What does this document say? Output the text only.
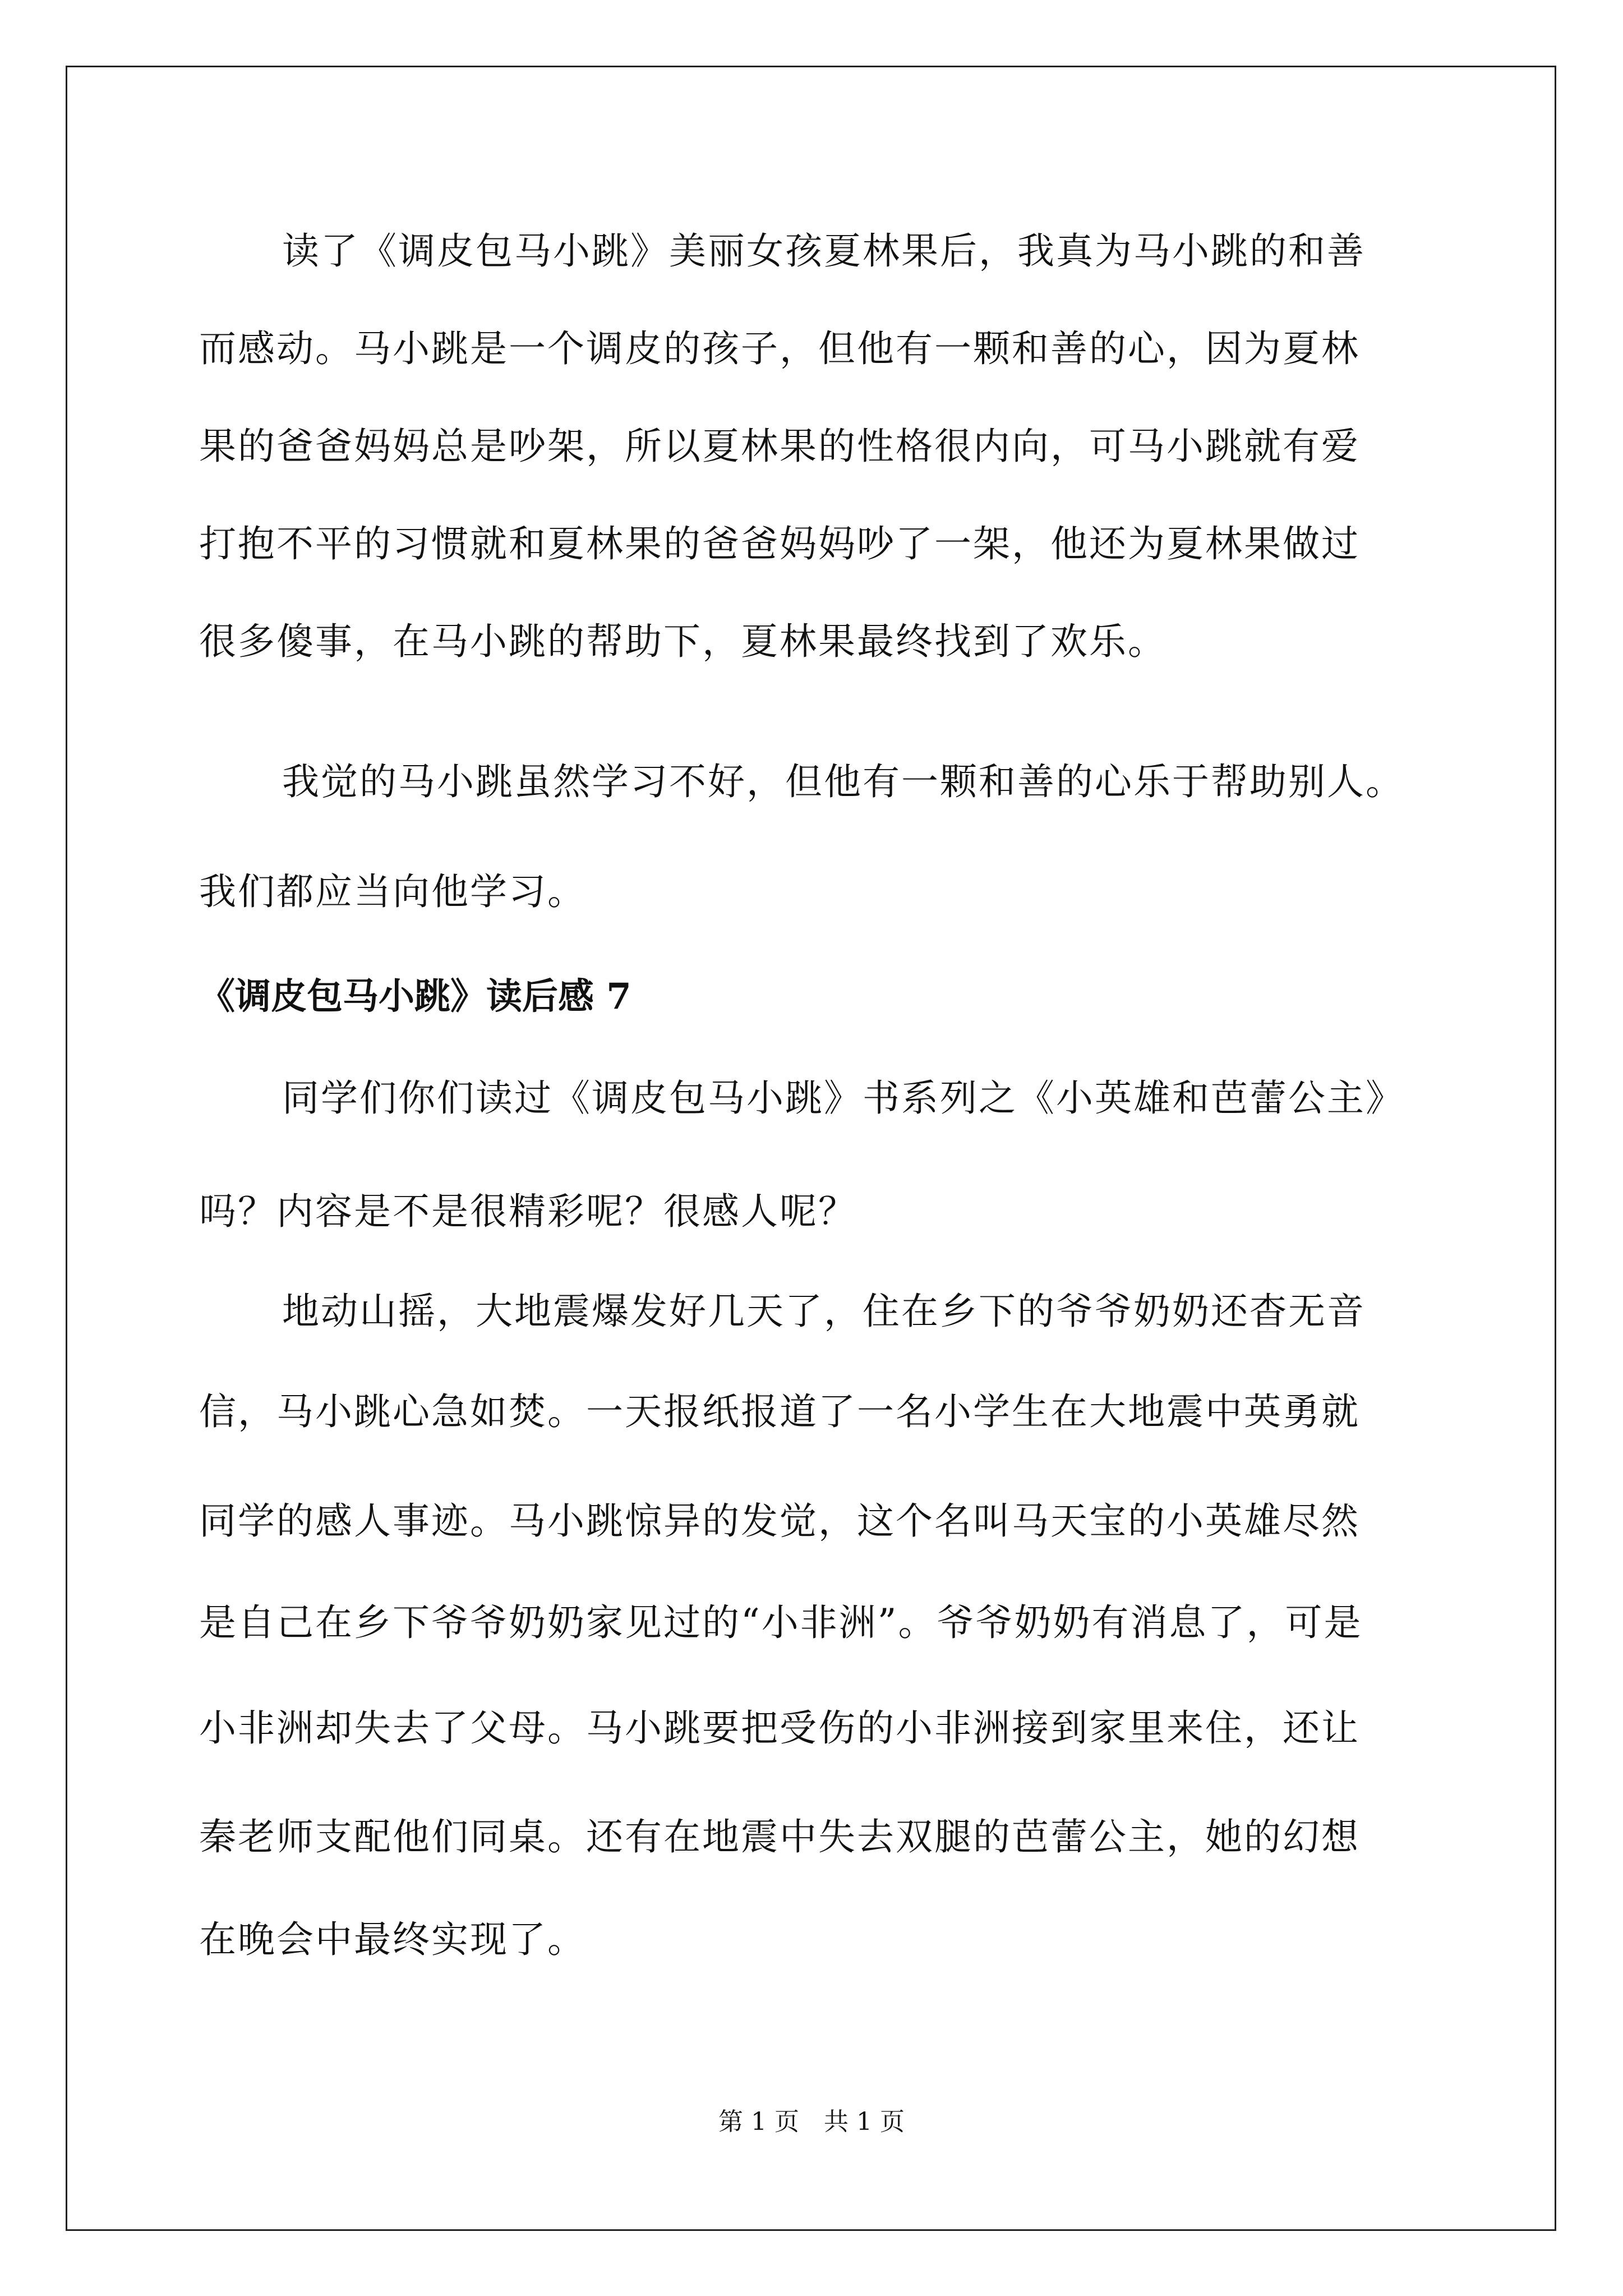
读了《调皮包马小跳》美丽女孩夏林果后，我真为马小跳的和善

而感动。马小跳是一个调皮的孩子，但他有一颗和善的心，因为夏林

果的爸爸妈妈总是吵架，所以夏林果的性格很内向，可马小跳就有爱

打抱不平的习惯就和夏林果的爸爸妈妈吵了一架，他还为夏林果做过

很多傻事，在马小跳的帮助下，夏林果最终找到了欢乐。

我觉的马小跳虽然学习不好，但他有一颗和善的心乐于帮助别人。

我们都应当向他学习。

《调皮包马小跳》读后感 7

同学们你们读过《调皮包马小跳》书系列之《小英雄和芭蕾公主》

吗？内容是不是很精彩呢？很感人呢？

地动山摇，大地震爆发好几天了，住在乡下的爷爷奶奶还杳无音

信，马小跳心急如焚。一天报纸报道了一名小学生在大地震中英勇就

同学的感人事迹。马小跳惊异的发觉，这个名叫马天宝的小英雄尽然

是自己在乡下爷爷奶奶家见过的“小非洲”。爷爷奶奶有消息了，可是

小非洲却失去了父母。马小跳要把受伤的小非洲接到家里来住，还让

秦老师支配他们同桌。还有在地震中失去双腿的芭蕾公主，她的幻想

在晚会中最终实现了。

第 1 页　共 1 页
